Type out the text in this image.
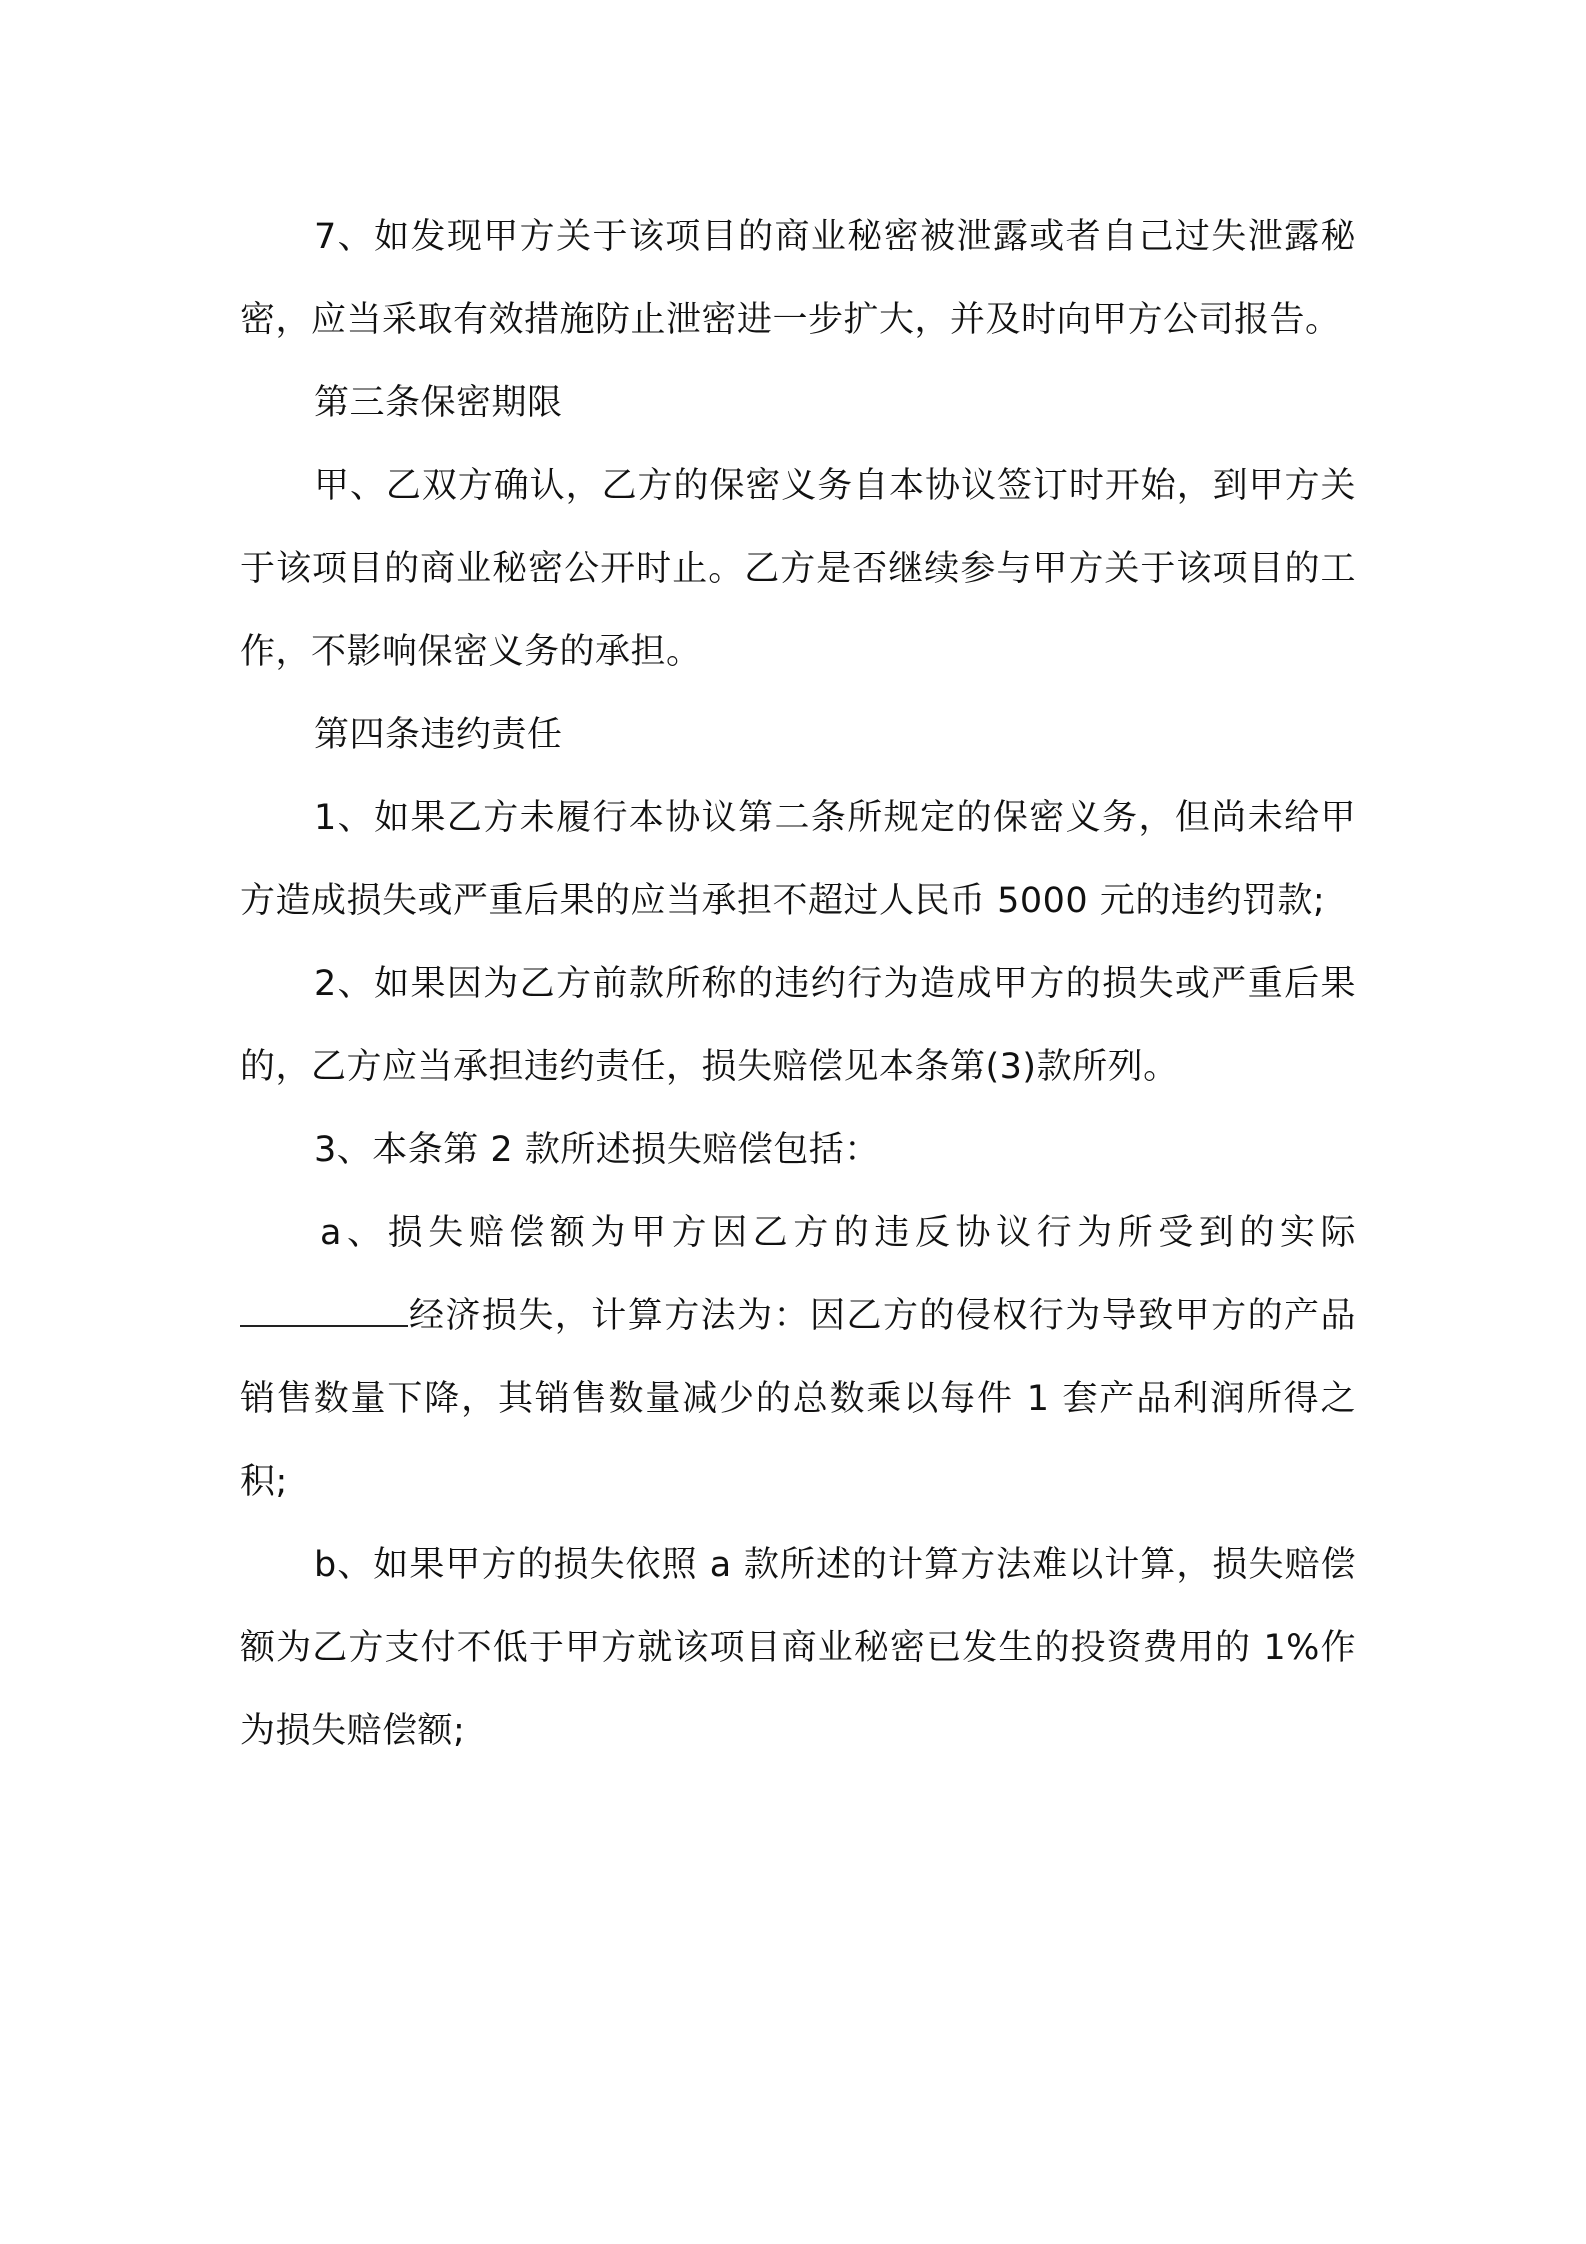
7、如发现甲方关于该项目的商业秘密被泄露或者自己过失泄露秘密，应当采取有效措施防止泄密进一步扩大，并及时向甲方公司报告。

第三条保密期限

甲、乙双方确认，乙方的保密义务自本协议签订时开始，到甲方关于该项目的商业秘密公开时止。乙方是否继续参与甲方关于该项目的工作，不影响保密义务的承担。

第四条违约责任

1、如果乙方未履行本协议第二条所规定的保密义务，但尚未给甲方造成损失或严重后果的应当承担不超过人民币 5000 元的违约罚款;

2、如果因为乙方前款所称的违约行为造成甲方的损失或严重后果的，乙方应当承担违约责任，损失赔偿见本条第(3)款所列。

3、本条第 2 款所述损失赔偿包括：

a、损失赔偿额为甲方因乙方的违反协议行为所受到的实际经济损失，计算方法为：因乙方的侵权行为导致甲方的产品销售数量下降，其销售数量减少的总数乘以每件 1 套产品利润所得之积;

b、如果甲方的损失依照 a 款所述的计算方法难以计算，损失赔偿额为乙方支付不低于甲方就该项目商业秘密已发生的投资费用的 1%作为损失赔偿额;
